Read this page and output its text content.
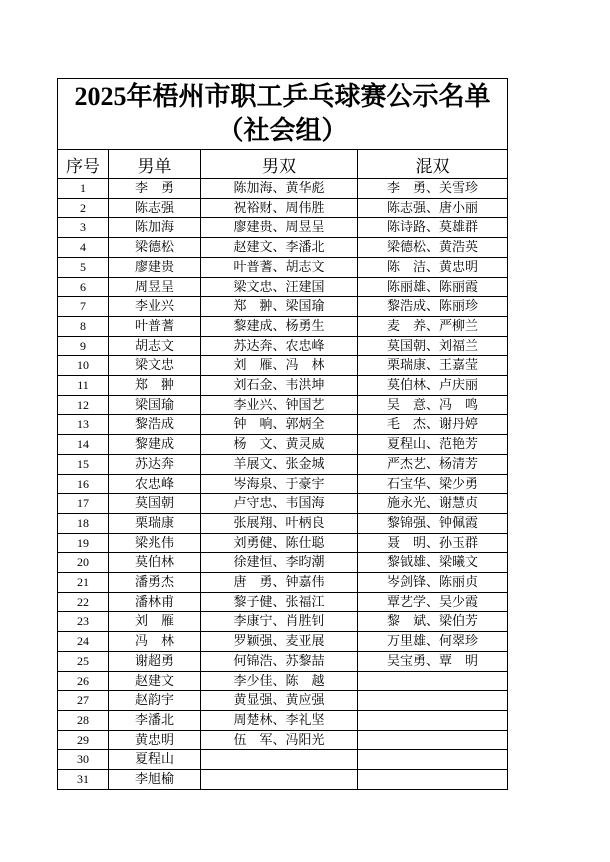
2025年梧州市职工乒乓球赛公示名单
（社会组）			

序号	男单	男双	混双
1	李　勇	陈加海、黄华彪	李　勇、关雪珍
2	陈志强	祝裕财、周伟胜	陈志强、唐小丽
3	陈加海	廖建贵、周昱呈	陈诗路、莫雄群
4	梁德松	赵建文、李潘北	梁德松、黄浩英
5	廖建贵	叶普蓍、胡志文	陈　洁、黄忠明
6	周昱呈	梁文忠、汪建国	陈丽雄、陈丽霞
7	李业兴	郑　翀、梁国瑜	黎浩成、陈丽珍
8	叶普蓍	黎建成、杨勇生	麦　养、严柳兰
9	胡志文	苏达奔、农忠峰	莫国朝、刘福兰
10	梁文忠	刘　雁、冯　林	栗瑞康、王嘉莹
11	郑　翀	刘石金、韦洪坤	莫伯林、卢庆丽
12	梁国瑜	李业兴、钟国艺	吴　意、冯　鸣
13	黎浩成	钟　响、郭炳全	毛　杰、谢丹婷
14	黎建成	杨　文、黄灵威	夏程山、范艳芳
15	苏达奔	羊展文、张金城	严杰艺、杨清芳
16	农忠峰	岑海泉、于豪宇	石宝华、梁少勇
17	莫国朝	卢守忠、韦国海	施永光、谢慧贞
18	栗瑞康	张展翔、叶柄良	黎锦强、钟佩霞
19	梁兆伟	刘勇健、陈仕聪	聂　明、孙玉群
20	莫伯林	徐建恒、李昀潮	黎钺雄、梁曦文
21	潘勇杰	唐　勇、钟嘉伟	岑剑锋、陈丽贞
22	潘林甫	黎子健、张福江	覃艺学、吴少霞
23	刘　雁	李康宁、肖胜钊	黎　斌、梁伯芳
24	冯　林	罗颖强、麦亚展	万里雄、何翠珍
25	谢超勇	何锦浩、苏黎喆	吴宝勇、覃　明
26	赵建文	李少佳、陈　越	
27	赵韵宇	黄显强、黄应强	
28	李潘北	周楚林、李礼坚	
29	黄忠明	伍　军、冯阳光	
30	夏程山		
31	李旭榆		
